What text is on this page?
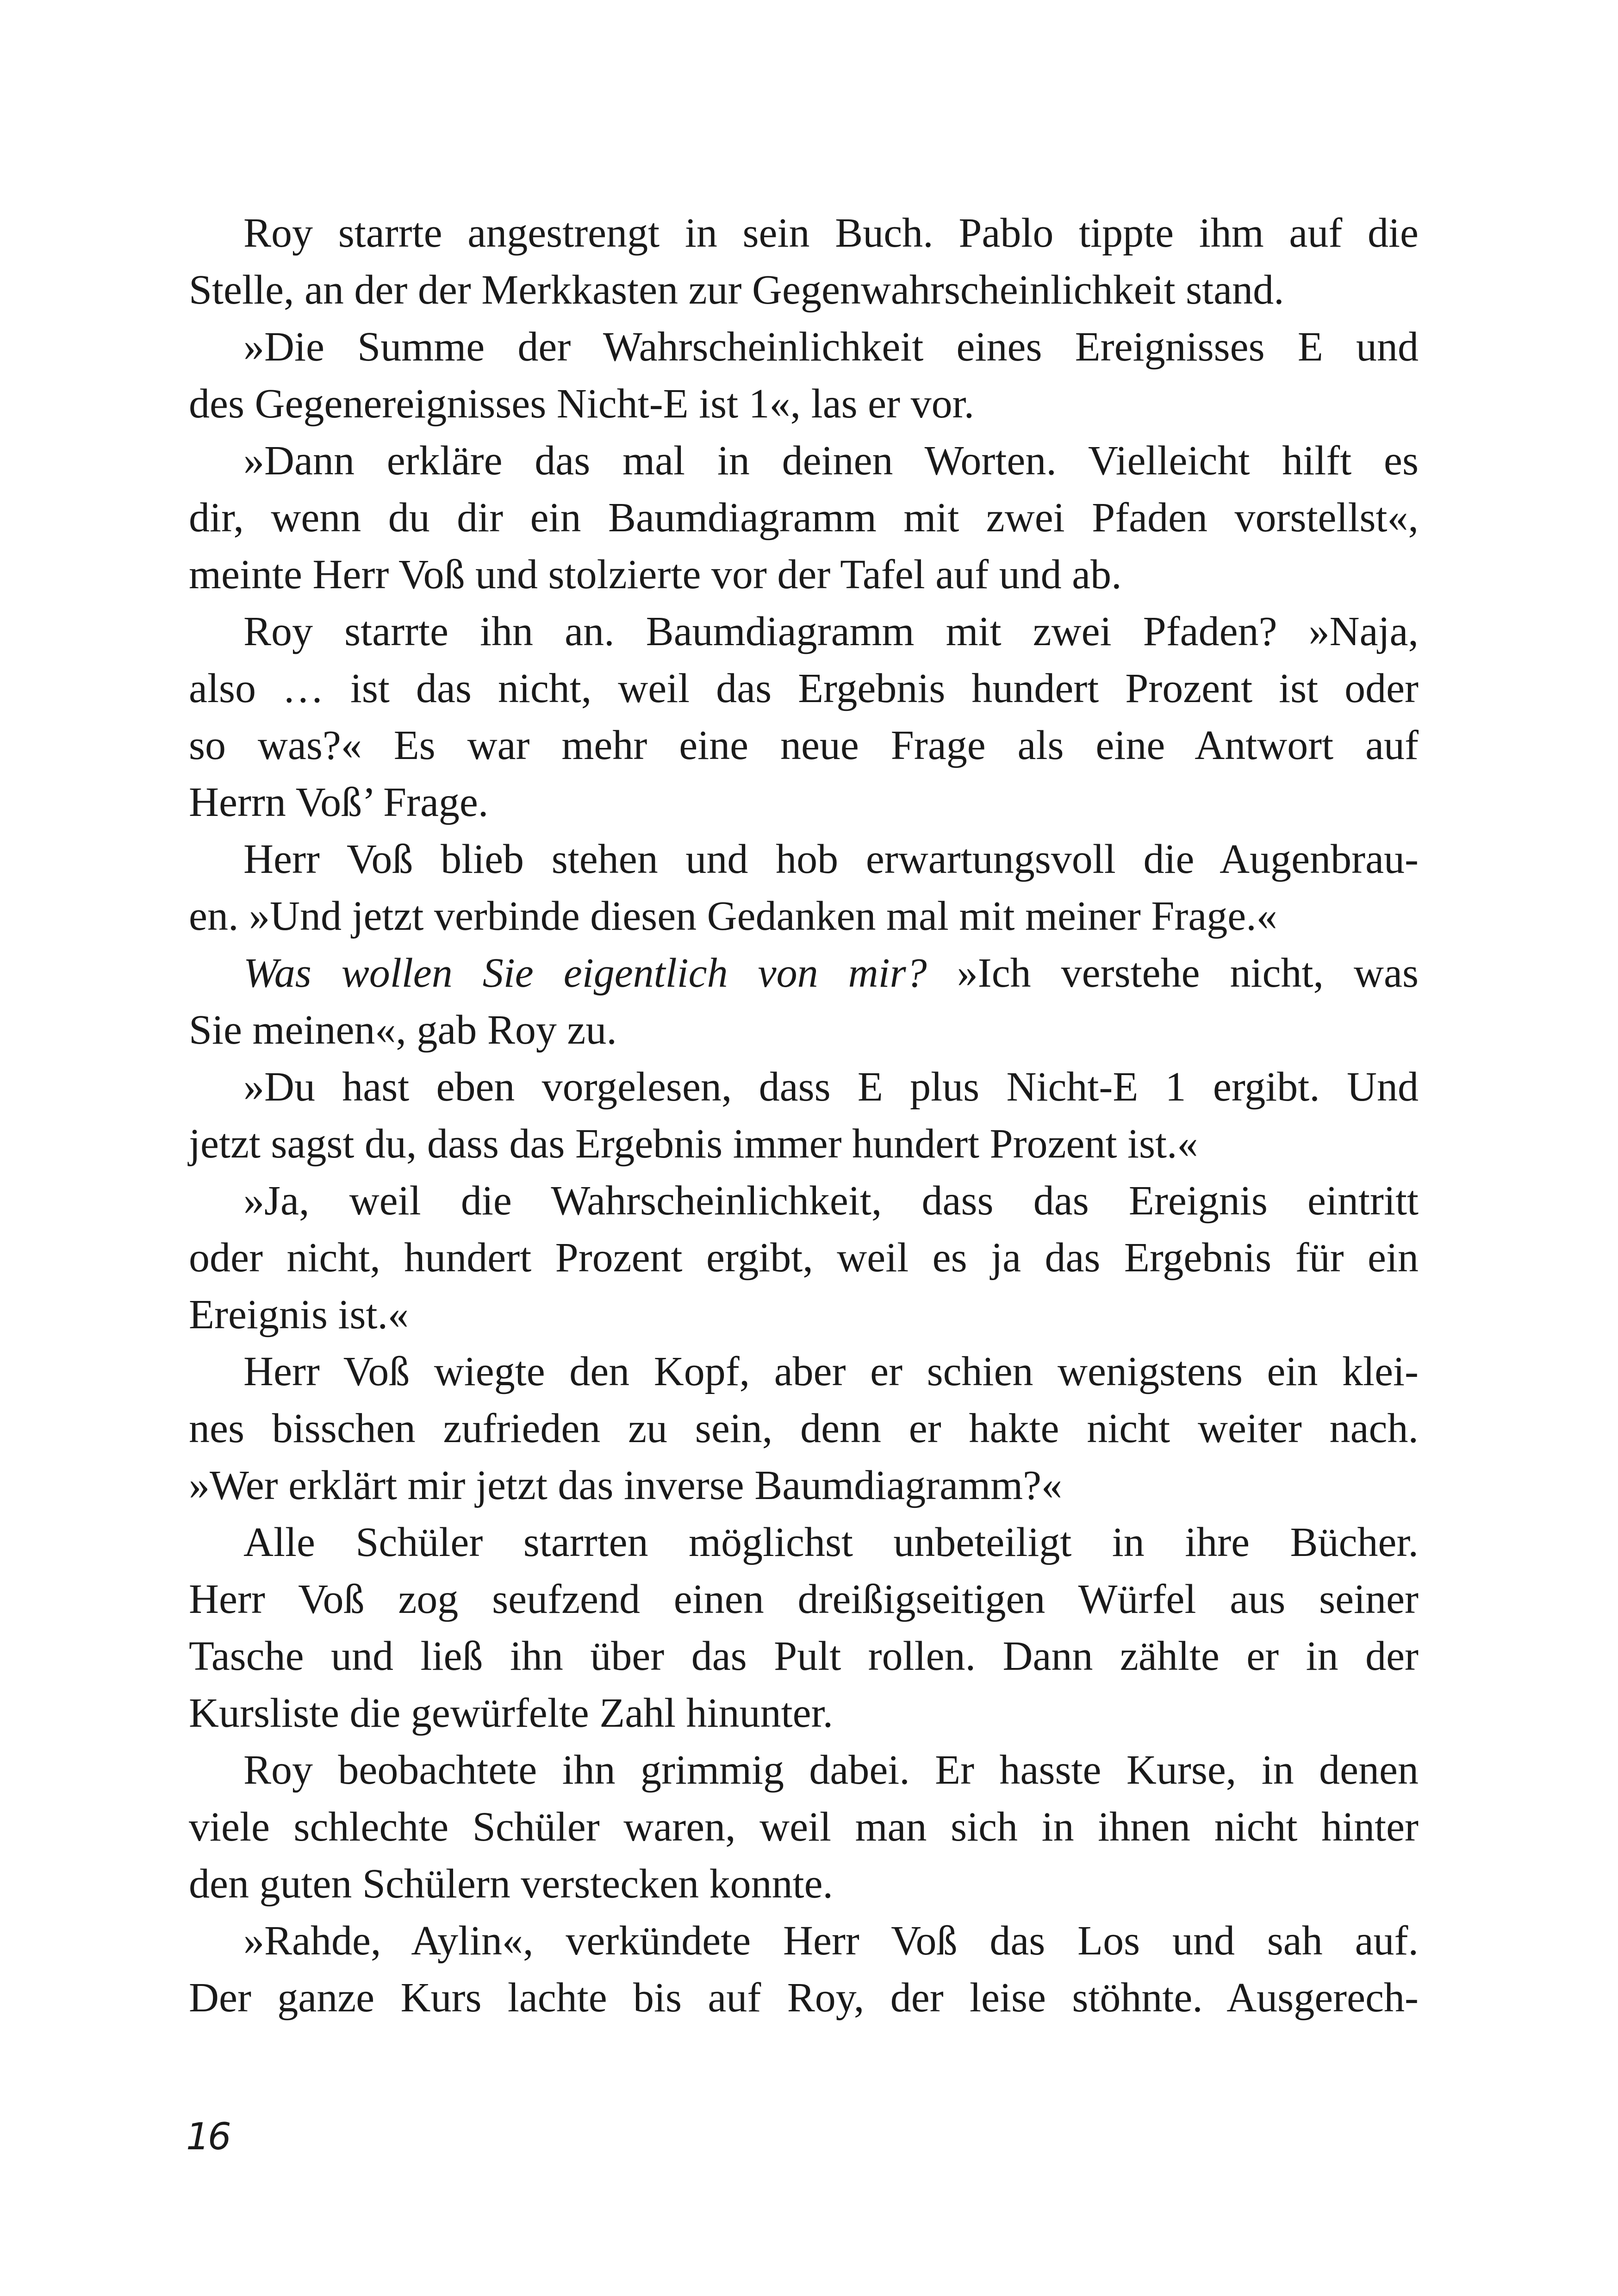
Roy starrte angestrengt in sein Buch. Pablo tippte ihm auf die
Stelle, an der der Merkkasten zur Gegenwahrscheinlichkeit stand.
»Die Summe der Wahrscheinlichkeit eines Ereignisses E und
des Gegenereignisses Nicht-E ist 1«, las er vor.
»Dann erkläre das mal in deinen Worten. Vielleicht hilft es
dir, wenn du dir ein Baumdiagramm mit zwei Pfaden vorstellst«,
meinte Herr Voß und stolzierte vor der Tafel auf und ab.
Roy starrte ihn an. Baumdiagramm mit zwei Pfaden? »Naja,
also … ist das nicht, weil das Ergebnis hundert Prozent ist oder
so was?« Es war mehr eine neue Frage als eine Antwort auf
Herrn Voß’ Frage.
Herr Voß blieb stehen und hob erwartungsvoll die Augenbrau-
en. »Und jetzt verbinde diesen Gedanken mal mit meiner Frage.«
Was wollen Sie eigentlich von mir? »Ich verstehe nicht, was
Sie meinen«, gab Roy zu.
»Du hast eben vorgelesen, dass E plus Nicht-E 1 ergibt. Und
jetzt sagst du, dass das Ergebnis immer hundert Prozent ist.«
»Ja, weil die Wahrscheinlichkeit, dass das Ereignis eintritt
oder nicht, hundert Prozent ergibt, weil es ja das Ergebnis für ein
Ereignis ist.«
Herr Voß wiegte den Kopf, aber er schien wenigstens ein klei-
nes bisschen zufrieden zu sein, denn er hakte nicht weiter nach.
»Wer erklärt mir jetzt das inverse Baumdiagramm?«
Alle Schüler starrten möglichst unbeteiligt in ihre Bücher.
Herr Voß zog seufzend einen dreißigseitigen Würfel aus seiner
Tasche und ließ ihn über das Pult rollen. Dann zählte er in der
Kursliste die gewürfelte Zahl hinunter.
Roy beobachtete ihn grimmig dabei. Er hasste Kurse, in denen
viele schlechte Schüler waren, weil man sich in ihnen nicht hinter
den guten Schülern verstecken konnte.
»Rahde, Aylin«, verkündete Herr Voß das Los und sah auf.
Der ganze Kurs lachte bis auf Roy, der leise stöhnte. Ausgerech-
16
